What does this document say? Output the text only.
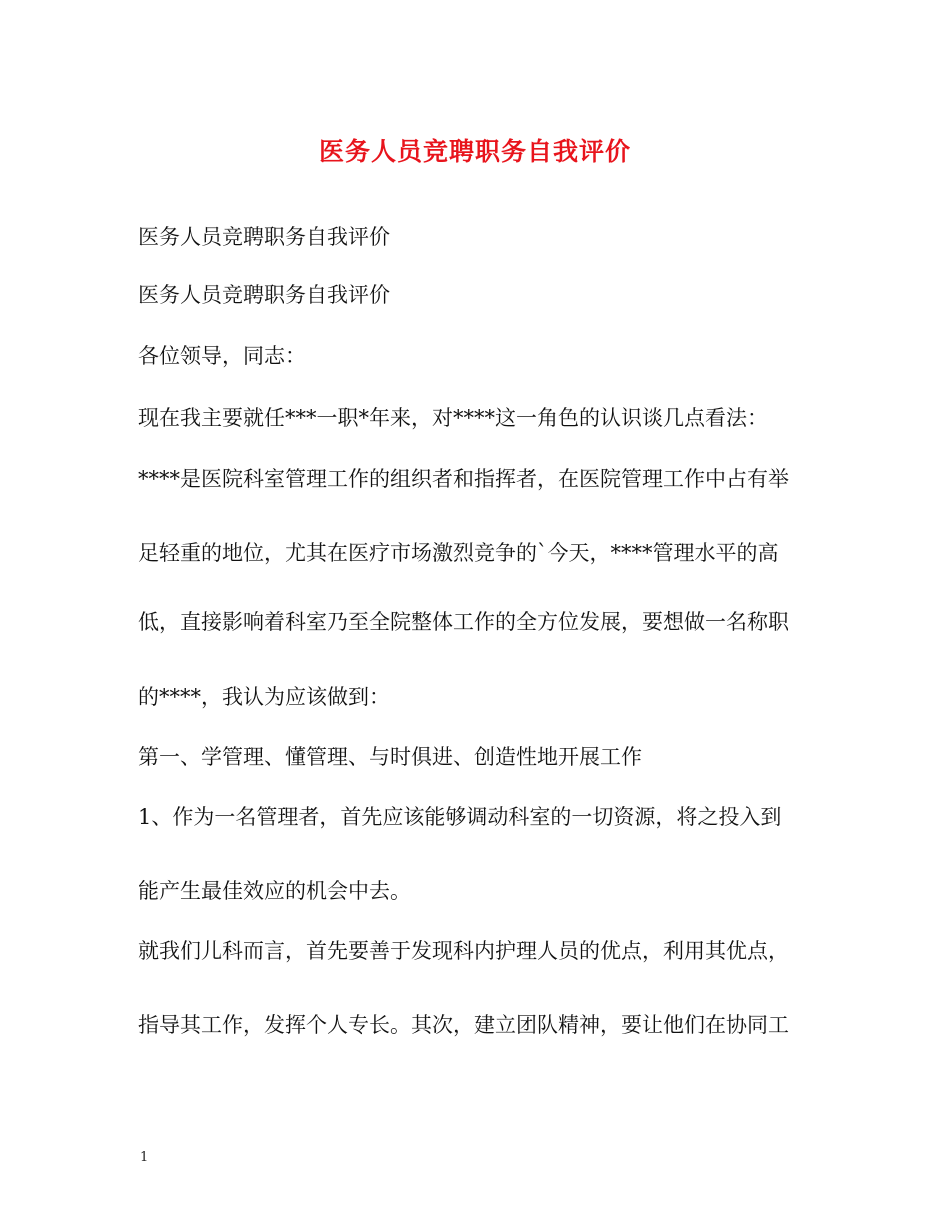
医务人员竞聘职务自我评价

医务人员竞聘职务自我评价

医务人员竞聘职务自我评价

各位领导，同志：

现在我主要就任***一职*年来，对****这一角色的认识谈几点看法：

****是医院科室管理工作的组织者和指挥者，在医院管理工作中占有举

足轻重的地位，尤其在医疗市场激烈竞争的`今天，****管理水平的高

低，直接影响着科室乃至全院整体工作的全方位发展，要想做一名称职

的****，我认为应该做到：

第一、学管理、懂管理、与时俱进、创造性地开展工作

1、作为一名管理者，首先应该能够调动科室的一切资源，将之投入到

能产生最佳效应的机会中去。

就我们儿科而言，首先要善于发现科内护理人员的优点，利用其优点，

指导其工作，发挥个人专长。其次，建立团队精神，要让他们在协同工

1
